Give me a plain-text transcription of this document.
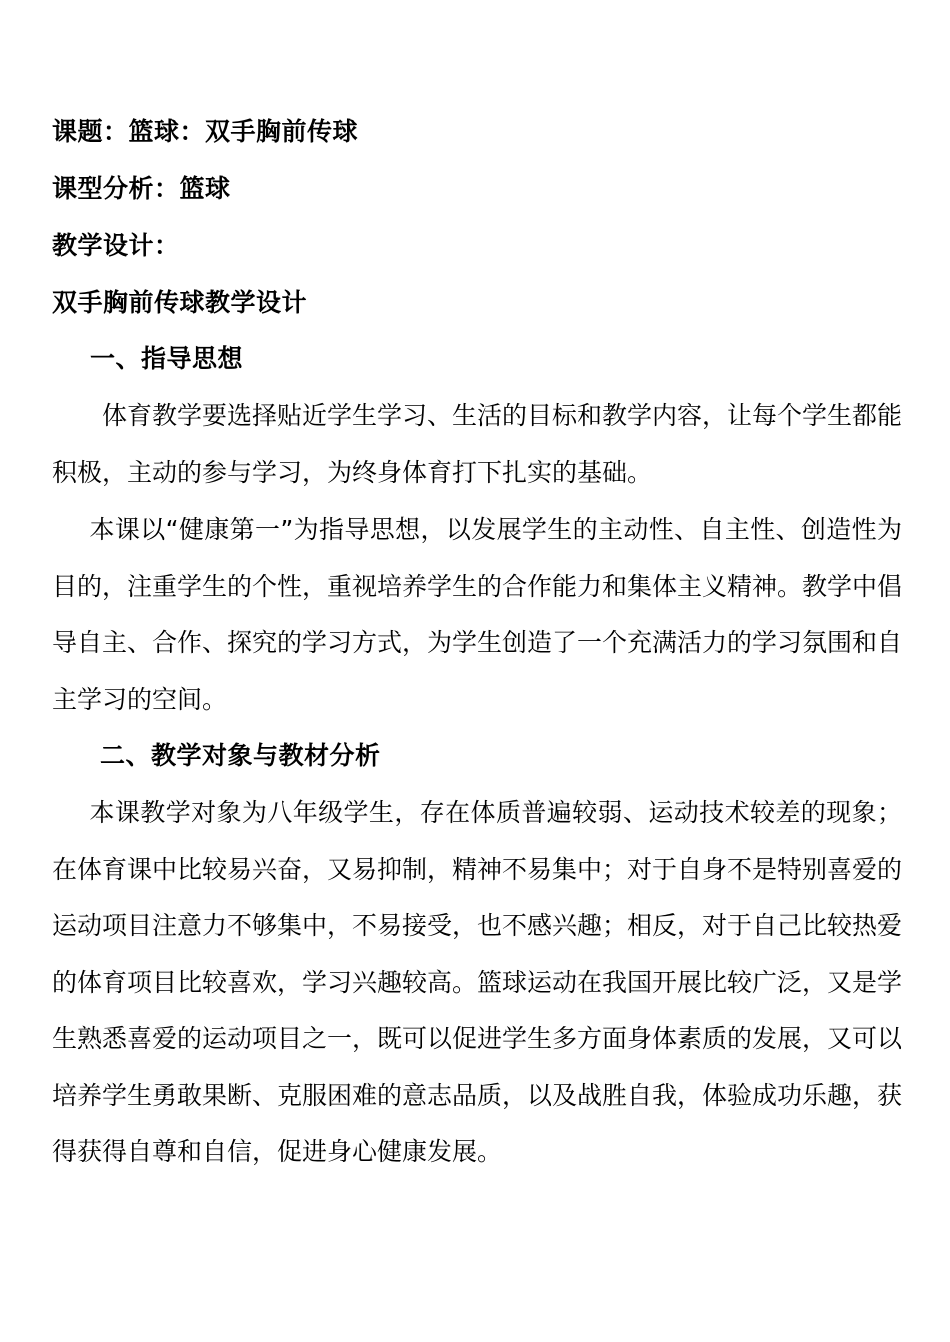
课题：篮球：双手胸前传球
课型分析：篮球
教学设计：
双手胸前传球教学设计
一、指导思想

体育教学要选择贴近学生学习、生活的目标和教学内容，让每个学生都能积极，主动的参与学习，为终身体育打下扎实的基础。

本课以“健康第一”为指导思想，以发展学生的主动性、自主性、创造性为目的，注重学生的个性，重视培养学生的合作能力和集体主义精神。教学中倡导自主、合作、探究的学习方式，为学生创造了一个充满活力的学习氛围和自主学习的空间。

二、教学对象与教材分析

本课教学对象为八年级学生，存在体质普遍较弱、运动技术较差的现象；在体育课中比较易兴奋，又易抑制，精神不易集中；对于自身不是特别喜爱的运动项目注意力不够集中，不易接受，也不感兴趣；相反，对于自己比较热爱的体育项目比较喜欢，学习兴趣较高。篮球运动在我国开展比较广泛，又是学生熟悉喜爱的运动项目之一，既可以促进学生多方面身体素质的发展，又可以培养学生勇敢果断、克服困难的意志品质，以及战胜自我，体验成功乐趣，获得获得自尊和自信，促进身心健康发展。
